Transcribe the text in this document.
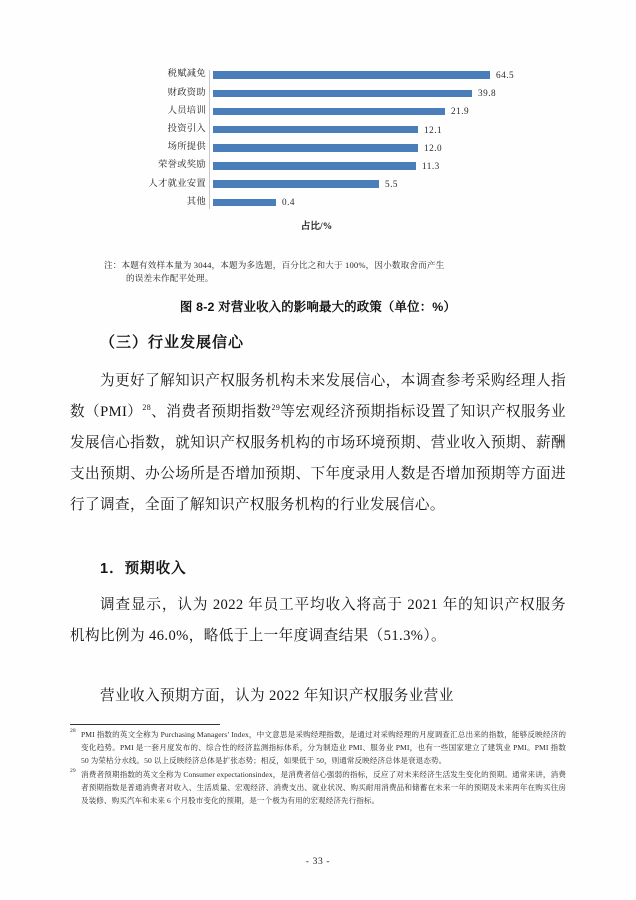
税赋减免	64.5
财政资助	39.8
人员培训	21.9
投资引入	12.1
场所提供	12.0
荣誉或奖励	11.3
人才就业安置	5.5
其他	0.4
占比/%
注：本题有效样本量为 3044，本题为多选题，百分比之和大于 100%，因小数取舍而产生
的误差未作配平处理。
图 8-2 对营业收入的影响最大的政策（单位：%）
（三）行业发展信心

为更好了解知识产权服务机构未来发展信心，本调查参考采购经理人指数（PMI）$^{28}$、消费者预期指数$^{29}$等宏观经济预期指标设置了知识产权服务业发展信心指数，就知识产权服务机构的市场环境预期、营业收入预期、薪酬支出预期、办公场所是否增加预期、下年度录用人数是否增加预期等方面进行了调查，全面了解知识产权服务机构的行业发展信心。

1．预期收入

调查显示，认为 2022 年员工平均收入将高于 2021 年的知识产权服务机构比例为 46.0%，略低于上一年度调查结果（51.3%）。

营业收入预期方面，认为 2022 年知识产权服务业营业

28 PMI 指数的英文全称为 Purchasing Managers’ Index，中文意思是采购经理指数，是通过对采购经理的月度调查汇总出来的指数，能够反映经济的变化趋势。PMI 是一套月度发布的、综合性的经济监测指标体系，分为制造业 PMI、服务业 PMI，也有一些国家建立了建筑业 PMI。PMI 指数 50 为荣枯分水线。50 以上反映经济总体是扩张态势；相反，如果低于 50，则通常反映经济总体是衰退态势。
29 消费者预期指数的英文全称为 Consumer expectationsindex，是消费者信心强弱的指标，反应了对未来经济生活发生变化的预期。通常来讲，消费者预期指数是普通消费者对收入、生活质量、宏观经济、消费支出、就业状况、购买耐用消费品和储蓄在未来一年的预期及未来两年在购买住房及装修、购买汽车和未来 6 个月股市变化的预期，是一个极为有用的宏观经济先行指标。
- 33 -
